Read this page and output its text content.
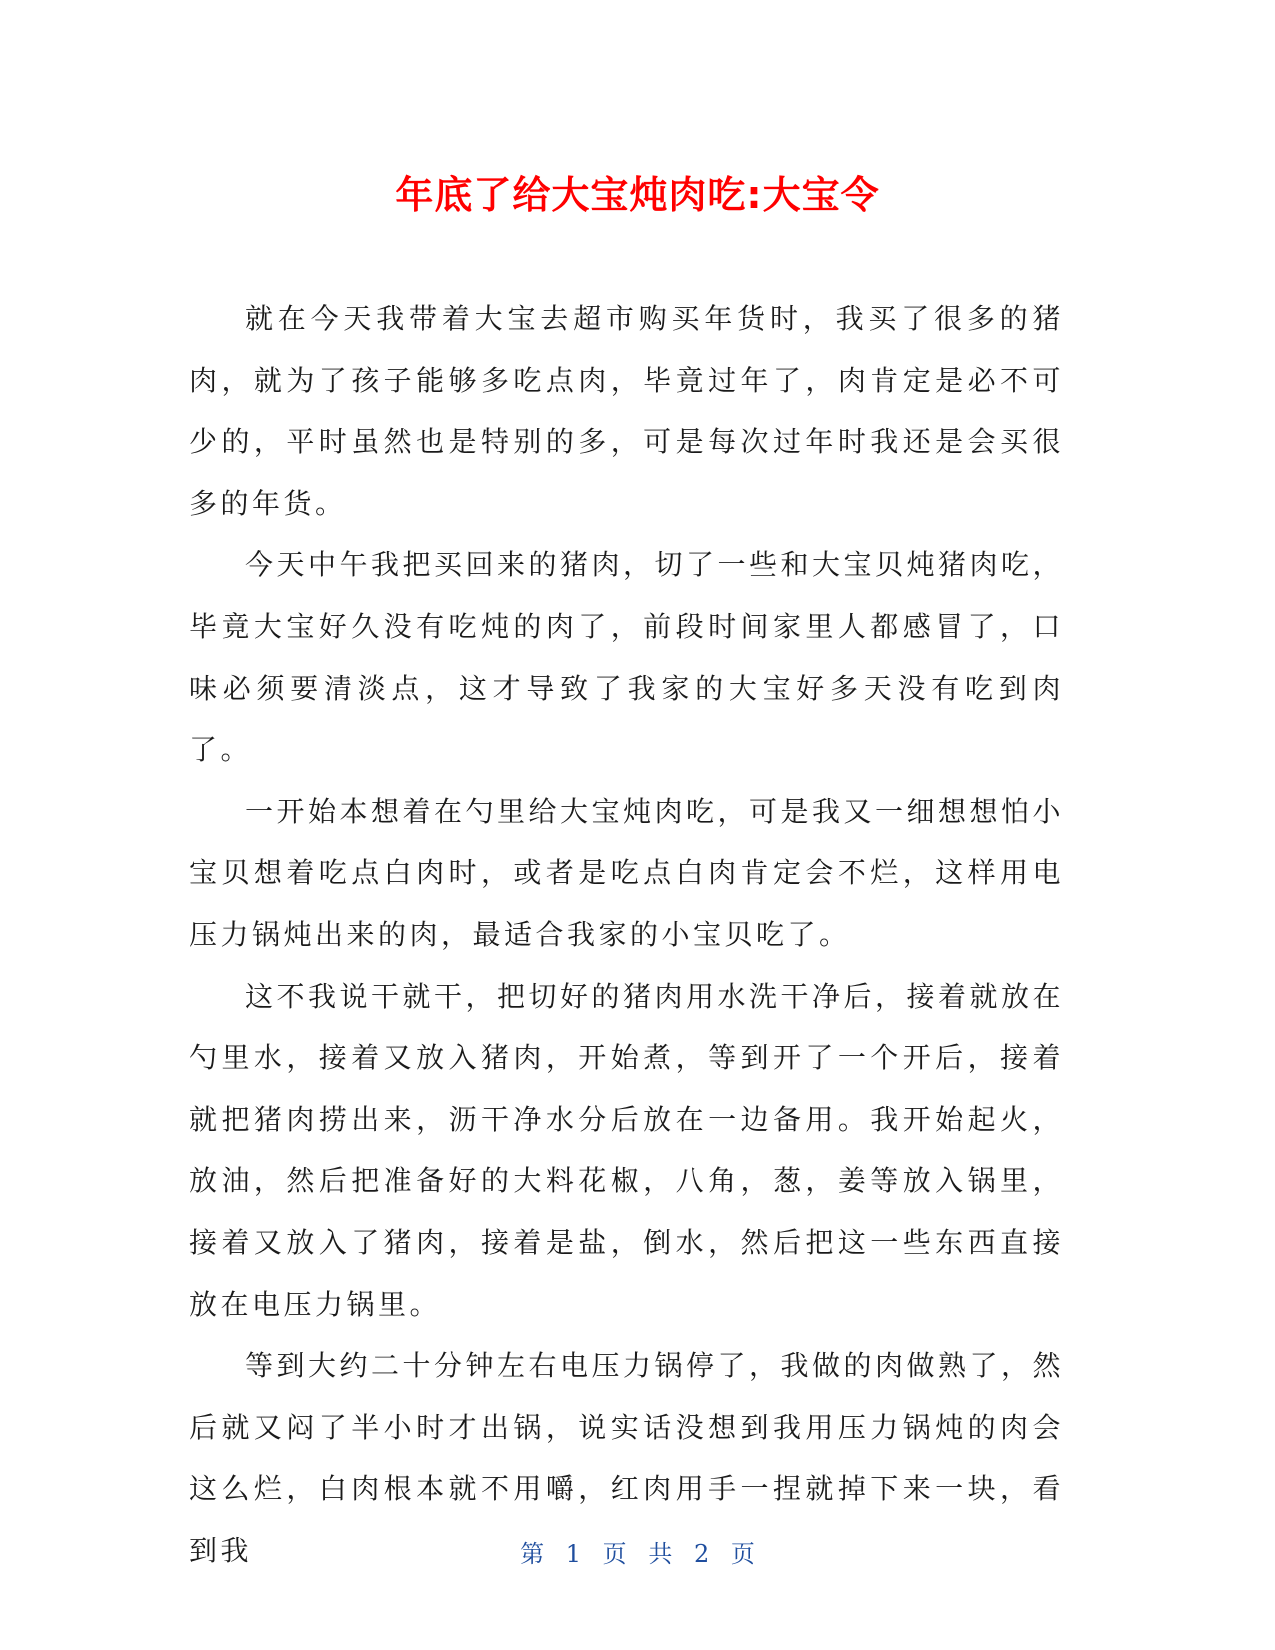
年底了给大宝炖肉吃:大宝令

就在今天我带着大宝去超市购买年货时，我买了很多的猪肉，就为了孩子能够多吃点肉，毕竟过年了，肉肯定是必不可少的，平时虽然也是特别的多，可是每次过年时我还是会买很多的年货。

今天中午我把买回来的猪肉，切了一些和大宝贝炖猪肉吃，毕竟大宝好久没有吃炖的肉了，前段时间家里人都感冒了，口味必须要清淡点，这才导致了我家的大宝好多天没有吃到肉了。

一开始本想着在勺里给大宝炖肉吃，可是我又一细想想怕小宝贝想着吃点白肉时，或者是吃点白肉肯定会不烂，这样用电压力锅炖出来的肉，最适合我家的小宝贝吃了。

这不我说干就干，把切好的猪肉用水洗干净后，接着就放在勺里水，接着又放入猪肉，开始煮，等到开了一个开后，接着就把猪肉捞出来，沥干净水分后放在一边备用。我开始起火，放油，然后把准备好的大料花椒，八角，葱，姜等放入锅里，接着又放入了猪肉，接着是盐，倒水，然后把这一些东西直接放在电压力锅里。

等到大约二十分钟左右电压力锅停了，我做的肉做熟了，然后就又闷了半小时才出锅，说实话没想到我用压力锅炖的肉会这么烂，白肉根本就不用嚼，红肉用手一捏就掉下来一块，看到我	第 1 页 共 2 页
